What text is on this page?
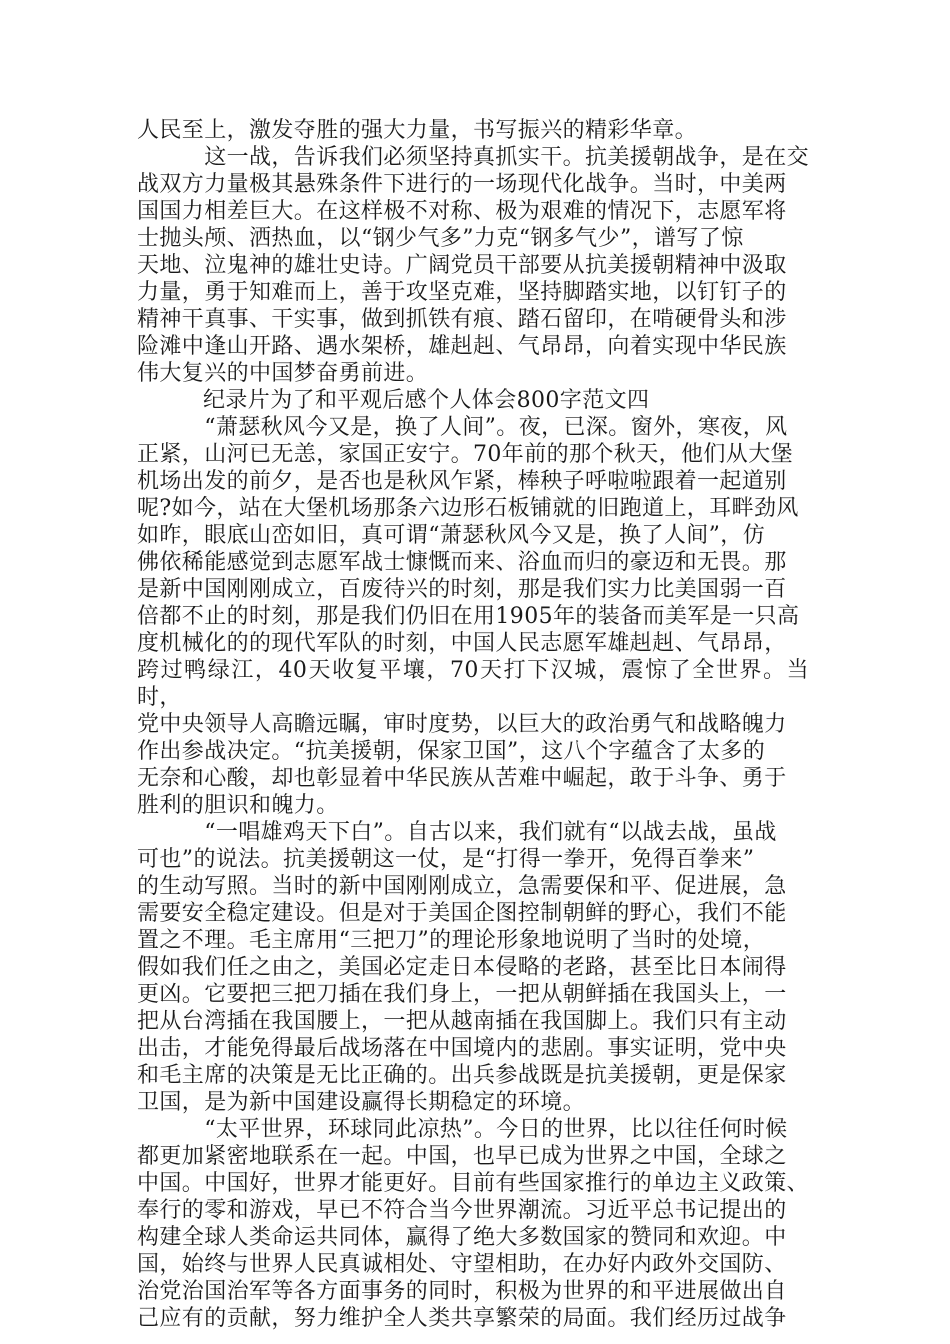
人民至上，激发夺胜的强大力量，书写振兴的精彩华章。

　　　这一战，告诉我们必须坚持真抓实干。抗美援朝战争，是在交
战双方力量极其悬殊条件下进行的一场现代化战争。当时，中美两
国国力相差巨大。在这样极不对称、极为艰难的情况下，志愿军将
士抛头颅、洒热血，以“钢少气多”力克“钢多气少”，谱写了惊
天地、泣鬼神的雄壮史诗。广阔党员干部要从抗美援朝精神中汲取
力量，勇于知难而上，善于攻坚克难，坚持脚踏实地，以钉钉子的
精神干真事、干实事，做到抓铁有痕、踏石留印，在啃硬骨头和涉
险滩中逢山开路、遇水架桥，雄赳赳、气昂昂，向着实现中华民族
伟大复兴的中国梦奋勇前进。

纪录片为了和平观后感个人体会800字范文四

　　　“萧瑟秋风今又是，换了人间”。夜，已深。窗外，寒夜，风
正紧，山河已无恙，家国正安宁。70年前的那个秋天，他们从大堡
机场出发的前夕，是否也是秋风乍紧，棒秧子呼啦啦跟着一起道别
呢?如今，站在大堡机场那条六边形石板铺就的旧跑道上，耳畔劲风
如昨，眼底山峦如旧，真可谓“萧瑟秋风今又是，换了人间”，仿
佛依稀能感觉到志愿军战士慷慨而来、浴血而归的豪迈和无畏。那
是新中国刚刚成立，百废待兴的时刻，那是我们实力比美国弱一百
倍都不止的时刻，那是我们仍旧在用1905年的装备而美军是一只高
度机械化的的现代军队的时刻，中国人民志愿军雄赳赳、气昂昂，
跨过鸭绿江，40天收复平壤，70天打下汉城，震惊了全世界。当时，
党中央领导人高瞻远瞩，审时度势，以巨大的政治勇气和战略魄力
作出参战决定。“抗美援朝，保家卫国”，这八个字蕴含了太多的
无奈和心酸，却也彰显着中华民族从苦难中崛起，敢于斗争、勇于
胜利的胆识和魄力。

　　　“一唱雄鸡天下白”。自古以来，我们就有“以战去战，虽战
可也”的说法。抗美援朝这一仗，是“打得一拳开，免得百拳来”
的生动写照。当时的新中国刚刚成立，急需要保和平、促进展，急
需要安全稳定建设。但是对于美国企图控制朝鲜的野心，我们不能
置之不理。毛主席用“三把刀”的理论形象地说明了当时的处境，
假如我们任之由之，美国必定走日本侵略的老路，甚至比日本闹得
更凶。它要把三把刀插在我们身上，一把从朝鲜插在我国头上，一
把从台湾插在我国腰上，一把从越南插在我国脚上。我们只有主动
出击，才能免得最后战场落在中国境内的悲剧。事实证明，党中央
和毛主席的决策是无比正确的。出兵参战既是抗美援朝，更是保家
卫国，是为新中国建设赢得长期稳定的环境。

　　　“太平世界，环球同此凉热”。今日的世界，比以往任何时候
都更加紧密地联系在一起。中国，也早已成为世界之中国，全球之
中国。中国好，世界才能更好。目前有些国家推行的单边主义政策、
奉行的零和游戏，早已不符合当今世界潮流。习近平总书记提出的
构建全球人类命运共同体，赢得了绝大多数国家的赞同和欢迎。中
国，始终与世界人民真诚相处、守望相助，在办好内政外交国防、
治党治国治军等各方面事务的同时，积极为世界的和平进展做出自
己应有的贡献，努力维护全人类共享繁荣的局面。我们经历过战争
